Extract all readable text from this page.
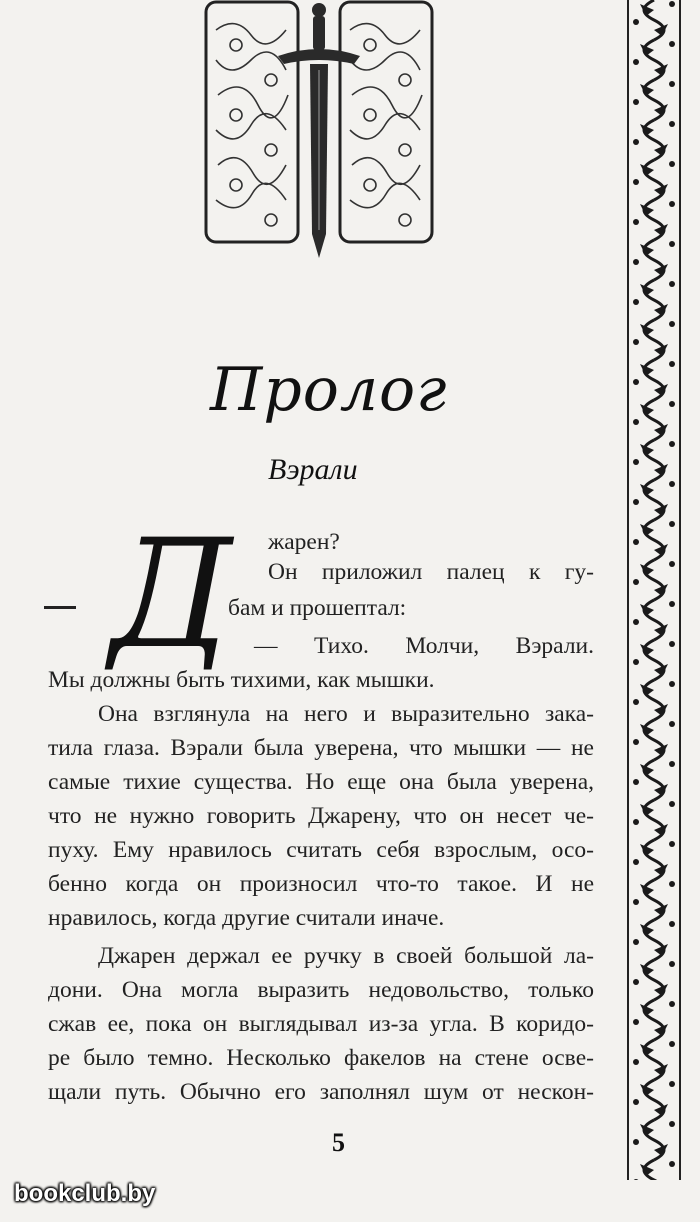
Пролог
Вэрали
Д жарен?
Он приложил палец к гу-
бам и прошептал:
— Тихо. Молчи, Вэрали.
Мы должны быть тихими, как мышки.
Она взглянула на него и выразительно зака-
тила глаза. Вэрали была уверена, что мышки — не
самые тихие существа. Но еще она была уверена,
что не нужно говорить Джарену, что он несет че-
пуху. Ему нравилось считать себя взрослым, осо-
бенно когда он произносил что-то такое. И не
нравилось, когда другие считали иначе.
Джарен держал ее ручку в своей большой ла-
дони. Она могла выразить недовольство, только
сжав ее, пока он выглядывал из-за угла. В коридо-
ре было темно. Несколько факелов на стене освe-
щали путь. Обычно его заполнял шум от нескон-
5
bookclub.by
